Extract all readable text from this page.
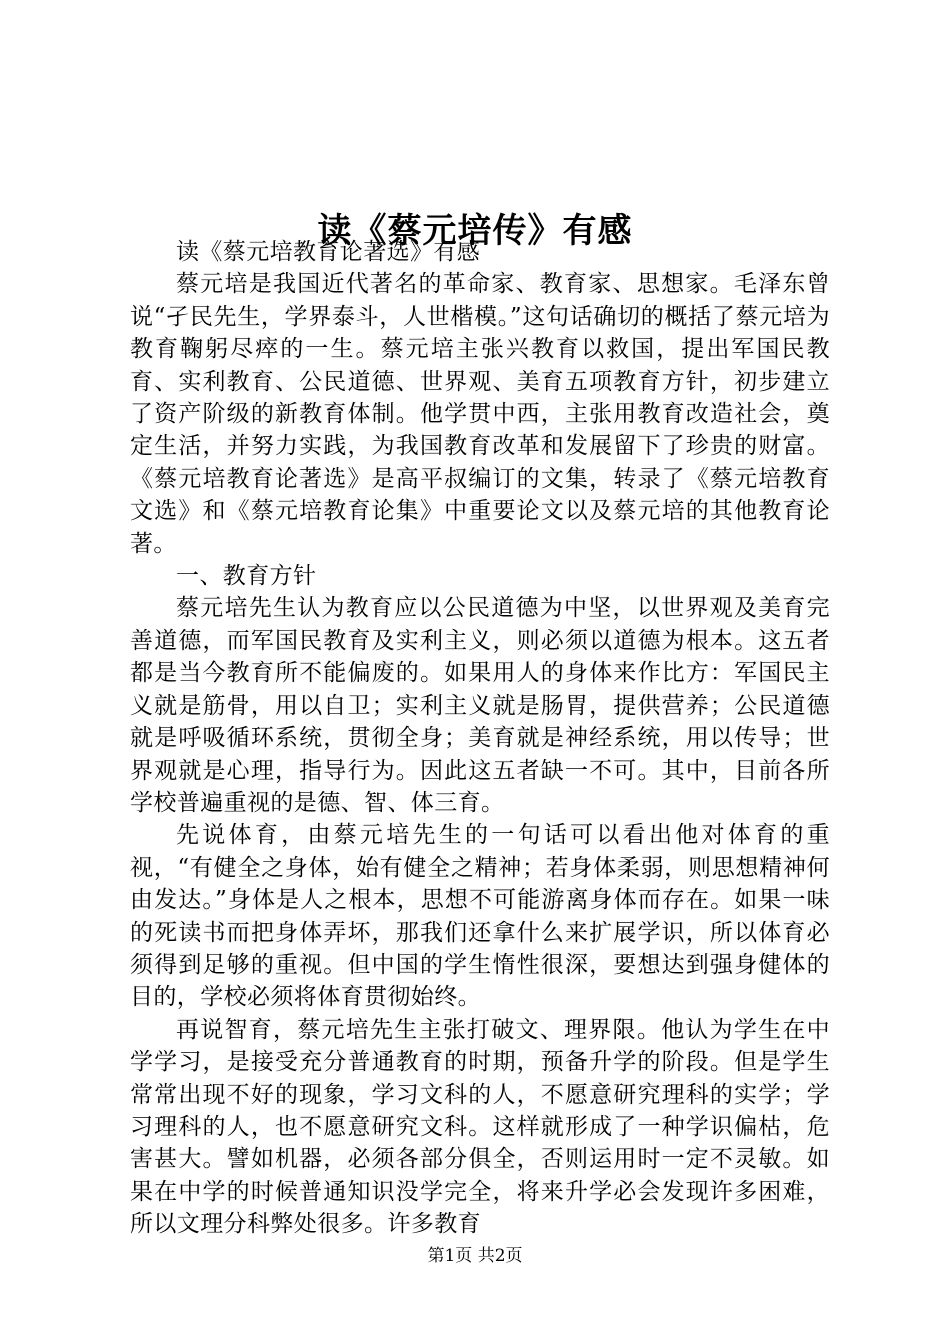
读《蔡元培传》有感

读《蔡元培教育论著选》有感

蔡元培是我国近代著名的革命家、教育家、思想家。毛泽东曾说“孑民先生，学界泰斗，人世楷模。”这句话确切的概括了蔡元培为教育鞠躬尽瘁的一生。蔡元培主张兴教育以救国，提出军国民教育、实利教育、公民道德、世界观、美育五项教育方针，初步建立了资产阶级的新教育体制。他学贯中西，主张用教育改造社会，奠定生活，并努力实践，为我国教育改革和发展留下了珍贵的财富。《蔡元培教育论著选》是高平叔编订的文集，转录了《蔡元培教育文选》和《蔡元培教育论集》中重要论文以及蔡元培的其他教育论著。

一、教育方针

蔡元培先生认为教育应以公民道德为中坚，以世界观及美育完善道德，而军国民教育及实利主义，则必须以道德为根本。这五者都是当今教育所不能偏废的。如果用人的身体来作比方：军国民主义就是筋骨，用以自卫；实利主义就是肠胃，提供营养；公民道德就是呼吸循环系统，贯彻全身；美育就是神经系统，用以传导；世界观就是心理，指导行为。因此这五者缺一不可。其中，目前各所学校普遍重视的是德、智、体三育。

先说体育，由蔡元培先生的一句话可以看出他对体育的重视，“有健全之身体，始有健全之精神；若身体柔弱，则思想精神何由发达。”身体是人之根本，思想不可能游离身体而存在。如果一味的死读书而把身体弄坏，那我们还拿什么来扩展学识，所以体育必须得到足够的重视。但中国的学生惰性很深，要想达到强身健体的目的，学校必须将体育贯彻始终。

再说智育，蔡元培先生主张打破文、理界限。他认为学生在中学学习，是接受充分普通教育的时期，预备升学的阶段。但是学生常常出现不好的现象，学习文科的人，不愿意研究理科的实学；学习理科的人，也不愿意研究文科。这样就形成了一种学识偏枯，危害甚大。譬如机器，必须各部分俱全，否则运用时一定不灵敏。如果在中学的时候普通知识没学完全，将来升学必会发现许多困难，所以文理分科弊处很多。许多教育

第1页 共2页
